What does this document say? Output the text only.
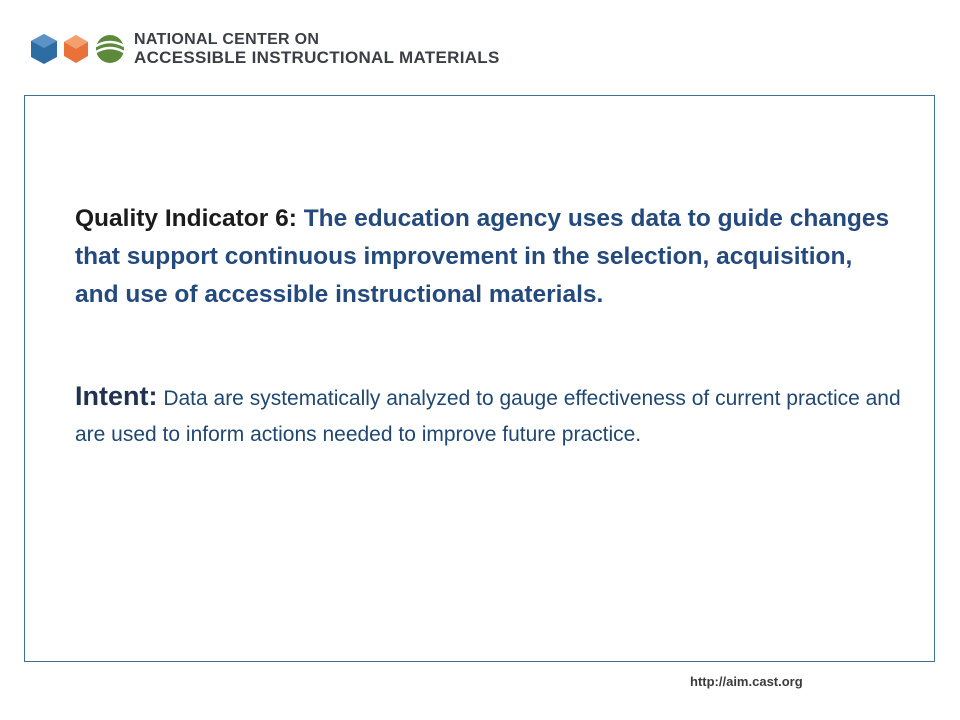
NATIONAL CENTER ON
ACCESSIBLE INSTRUCTIONAL MATERIALS
Quality Indicator 6: The education agency uses data to guide changes that support continuous improvement in the selection, acquisition, and use of accessible instructional materials.
Intent: Data are systematically analyzed to gauge effectiveness of current practice and are used to inform actions needed to improve future practice.
http://aim.cast.org
